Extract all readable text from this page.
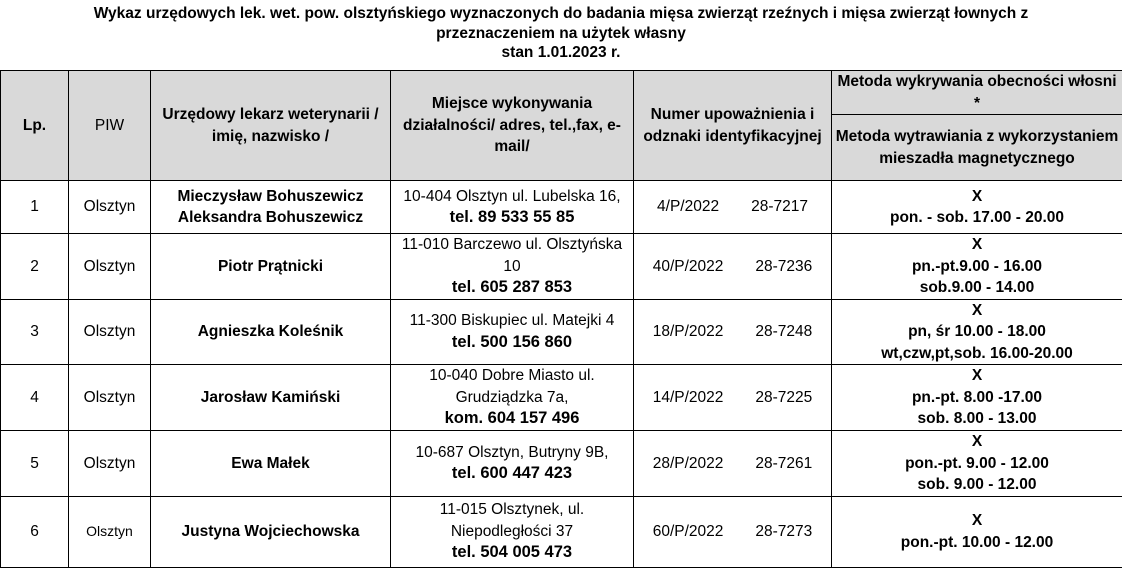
Wykaz urzędowych lek. wet. pow. olsztyńskiego wyznaczonych do badania mięsa zwierząt rzeźnych i mięsa zwierząt łownych z
przeznaczeniem na użytek własny
stan 1.01.2023 r.
Lp.	PIW	Urzędowy lekarz weterynarii / imię, nazwisko /	Miejsce wykonywania działalności/ adres, tel.,fax, e-mail/	Numer upoważnienia i odznaki identyfikacyjnej	Metoda wykrywania obecności włosni *
					Metoda wytrawiania z wykorzystaniem mieszadła magnetycznego
1	Olsztyn	Mieczysław Bohuszewicz
Aleksandra Bohuszewicz	10-404 Olsztyn ul. Lubelska 16,
tel. 89 533 55 85	4/P/2022 28-7217	X
pon. - sob. 17.00 - 20.00

2	Olsztyn	Piotr Prątnicki	11-010 Barczewo ul. Olsztyńska
10
tel. 605 287 853	40/P/2022 28-7236	X
pn.-pt.9.00 - 16.00
sob.9.00 - 14.00

3	Olsztyn	Agnieszka Koleśnik	11-300 Biskupiec ul. Matejki 4
tel. 500 156 860	18/P/2022 28-7248	X
pn, śr 10.00 - 18.00
wt,czw,pt,sob. 16.00-20.00

4	Olsztyn	Jarosław Kamiński	10-040 Dobre Miasto ul.
Grudziądzka 7a,
kom. 604 157 496	14/P/2022 28-7225	X
pn.-pt. 8.00 -17.00
sob. 8.00 - 13.00

5	Olsztyn	Ewa Małek	10-687 Olsztyn, Butryny 9B,
tel. 600 447 423	28/P/2022 28-7261	X
pon.-pt. 9.00 - 12.00
sob. 9.00 - 12.00

6	Olsztyn	Justyna Wojciechowska	11-015 Olsztynek, ul.
Niepodległości 37
tel. 504 005 473	60/P/2022 28-7273	X
pon.-pt. 10.00 - 12.00
